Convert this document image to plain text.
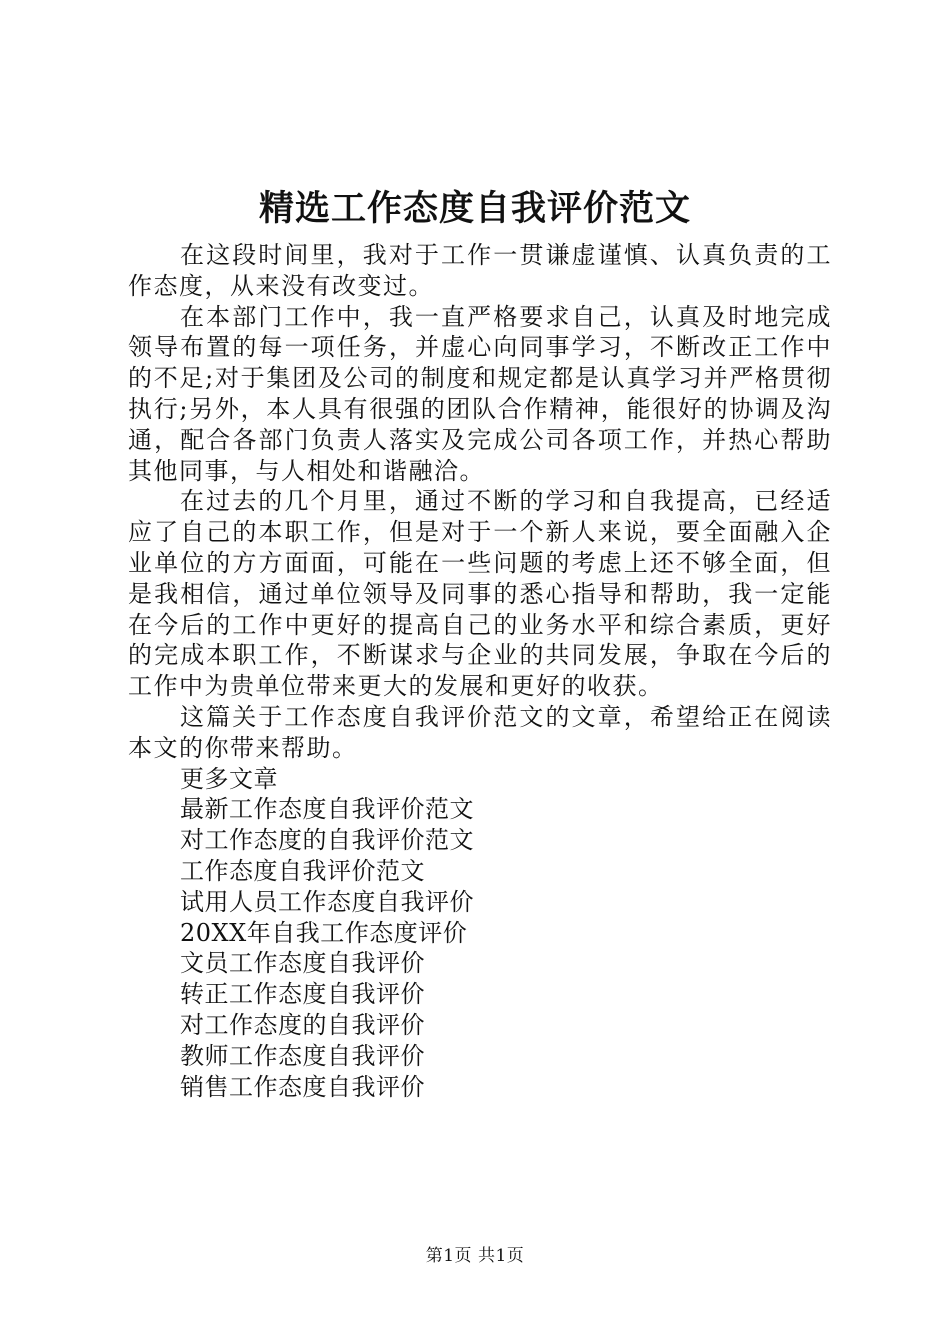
精选工作态度自我评价范文

在这段时间里，我对于工作一贯谦虚谨慎、认真负责的工作态度，从来没有改变过。

在本部门工作中，我一直严格要求自己，认真及时地完成领导布置的每一项任务，并虚心向同事学习，不断改正工作中的不足;对于集团及公司的制度和规定都是认真学习并严格贯彻执行;另外，本人具有很强的团队合作精神，能很好的协调及沟通，配合各部门负责人落实及完成公司各项工作，并热心帮助其他同事，与人相处和谐融洽。

在过去的几个月里，通过不断的学习和自我提高，已经适应了自己的本职工作，但是对于一个新人来说，要全面融入企业单位的方方面面，可能在一些问题的考虑上还不够全面，但是我相信，通过单位领导及同事的悉心指导和帮助，我一定能在今后的工作中更好的提高自己的业务水平和综合素质，更好的完成本职工作，不断谋求与企业的共同发展，争取在今后的工作中为贵单位带来更大的发展和更好的收获。

这篇关于工作态度自我评价范文的文章，希望给正在阅读本文的你带来帮助。

更多文章
最新工作态度自我评价范文
对工作态度的自我评价范文
工作态度自我评价范文
试用人员工作态度自我评价
20XX年自我工作态度评价
文员工作态度自我评价
转正工作态度自我评价
对工作态度的自我评价
教师工作态度自我评价
销售工作态度自我评价
第1页 共1页
